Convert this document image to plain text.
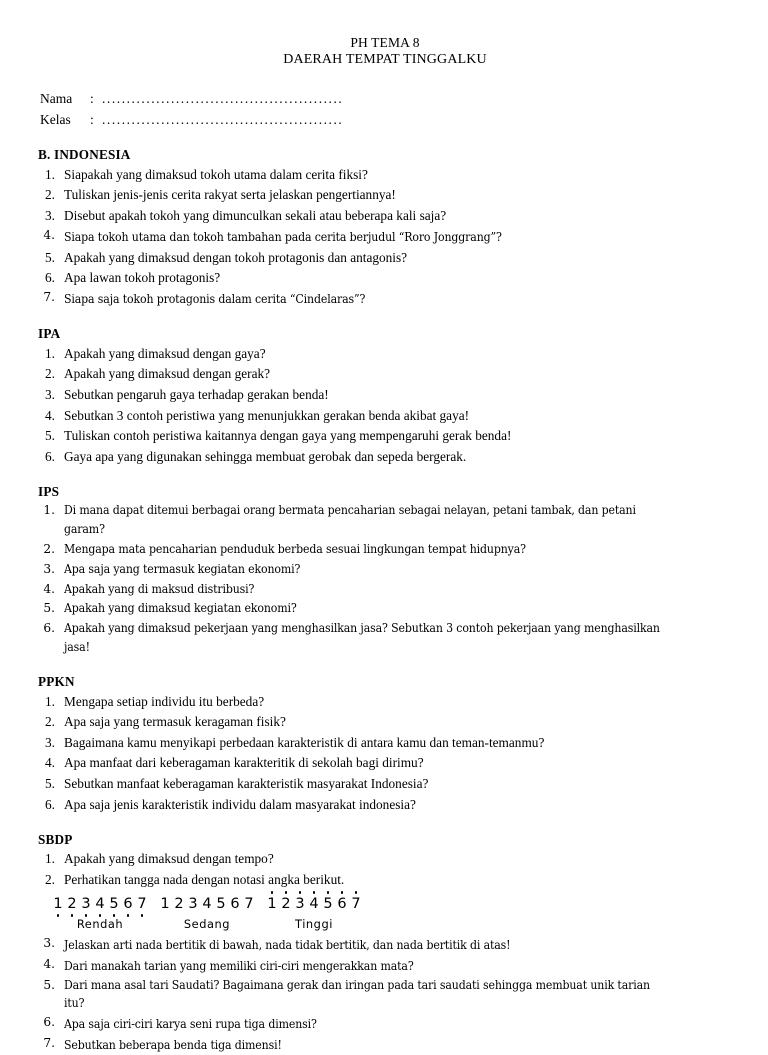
PH TEMA 8
DAERAH TEMPAT TINGGALKU
Nama	: .................................................
Kelas	: .................................................
B. INDONESIA
1. Siapakah yang dimaksud tokoh utama dalam cerita fiksi?
2. Tuliskan jenis-jenis cerita rakyat serta jelaskan pengertiannya!
3. Disebut apakah tokoh yang dimunculkan sekali atau beberapa kali saja?
4. Siapa tokoh utama dan tokoh tambahan pada cerita berjudul “Roro Jonggrang”?
5. Apakah yang dimaksud dengan tokoh protagonis dan antagonis?
6. Apa lawan tokoh protagonis?
7. Siapa saja tokoh protagonis dalam cerita “Cindelaras”?
IPA
1. Apakah yang dimaksud dengan gaya?
2. Apakah yang dimaksud dengan gerak?
3. Sebutkan pengaruh gaya terhadap gerakan benda!
4. Sebutkan 3 contoh peristiwa yang menunjukkan gerakan benda akibat gaya!
5. Tuliskan contoh peristiwa kaitannya dengan gaya yang mempengaruhi gerak benda!
6. Gaya apa yang digunakan sehingga membuat gerobak dan sepeda bergerak.
IPS
1. Di mana dapat ditemui berbagai orang bermata pencaharian sebagai nelayan, petani tambak, dan petani garam?
2. Mengapa mata pencaharian penduduk berbeda sesuai lingkungan tempat hidupnya?
3. Apa saja yang termasuk kegiatan ekonomi?
4. Apakah yang di maksud distribusi?
5. Apakah yang dimaksud kegiatan ekonomi?
6. Apakah yang dimaksud pekerjaan yang menghasilkan jasa? Sebutkan 3 contoh pekerjaan yang menghasilkan jasa!
PPKN
1. Mengapa setiap individu itu berbeda?
2. Apa saja yang termasuk keragaman fisik?
3. Bagaimana kamu menyikapi perbedaan karakteristik di antara kamu dan teman-temanmu?
4. Apa manfaat dari keberagaman karakteritik di sekolah bagi dirimu?
5. Sebutkan manfaat keberagaman karakteristik masyarakat Indonesia?
6. Apa saja jenis karakteristik individu dalam masyarakat indonesia?
SBDP
1. Apakah yang dimaksud dengan tempo?
2. Perhatikan tangga nada dengan notasi angka berikut.
1 2 3 4 5 6 7 1 2 3 4 5 6 7 1 2 3 4 5 6 7
Rendah	Sedang	Tinggi
3. Jelaskan arti nada bertitik di bawah, nada tidak bertitik, dan nada bertitik di atas!
4. Dari manakah tarian yang memiliki ciri-ciri mengerakkan mata?
5. Dari mana asal tari Saudati? Bagaimana gerak dan iringan pada tari saudati sehingga membuat unik tarian itu?
6. Apa saja ciri-ciri karya seni rupa tiga dimensi?
7. Sebutkan beberapa benda tiga dimensi!
